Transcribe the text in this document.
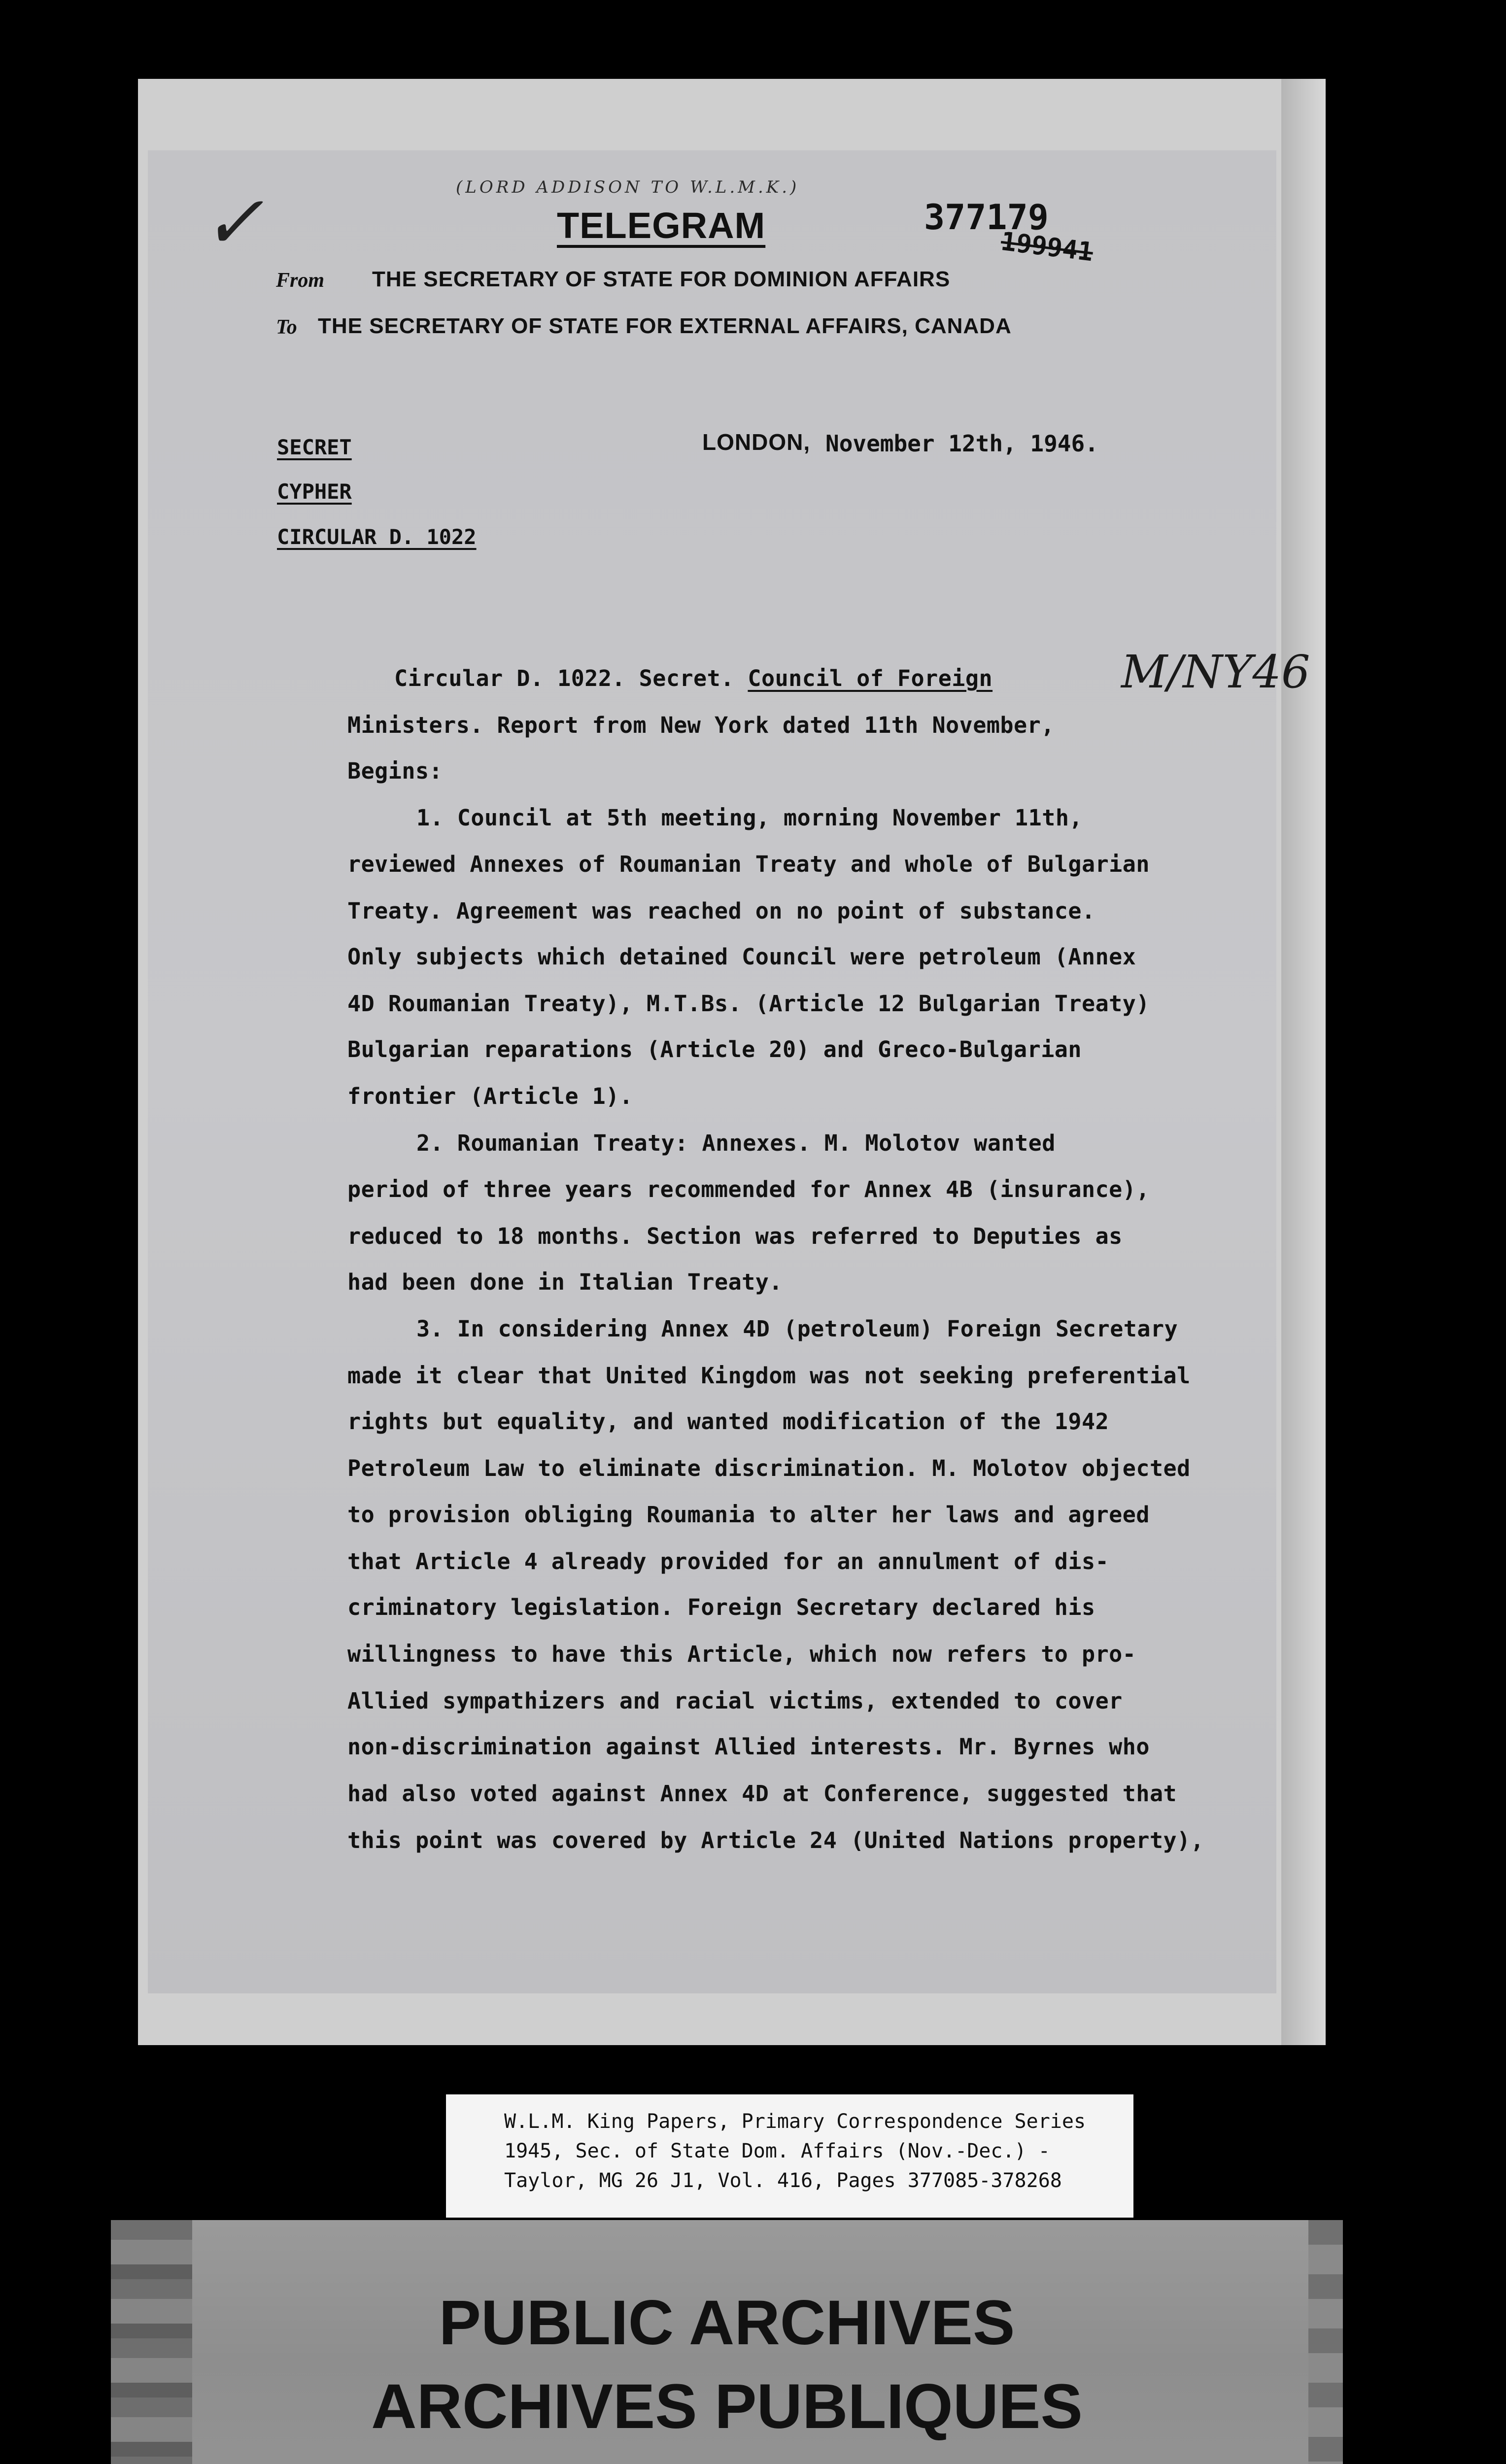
✓	(LORD ADDISON TO W.L.M.K.)
TELEGRAM	377179
199941
From THE SECRETARY OF STATE FOR DOMINION AFFAIRS
To THE SECRETARY OF STATE FOR EXTERNAL AFFAIRS, CANADA
SECRET
CYPHER
CIRCULAR D. 1022
LONDON, November 12th, 1946.
M/NY46
Circular D. 1022. Secret. Council of Foreign
Ministers. Report from New York dated 11th November,
Begins:
1. Council at 5th meeting, morning November 11th,
reviewed Annexes of Roumanian Treaty and whole of Bulgarian
Treaty. Agreement was reached on no point of substance.
Only subjects which detained Council were petroleum (Annex
4D Roumanian Treaty), M.T.Bs. (Article 12 Bulgarian Treaty)
Bulgarian reparations (Article 20) and Greco-Bulgarian
frontier (Article 1).
2. Roumanian Treaty: Annexes. M. Molotov wanted
period of three years recommended for Annex 4B (insurance),
reduced to 18 months. Section was referred to Deputies as
had been done in Italian Treaty.
3. In considering Annex 4D (petroleum) Foreign Secretary
made it clear that United Kingdom was not seeking preferential
rights but equality, and wanted modification of the 1942
Petroleum Law to eliminate discrimination. M. Molotov objected
to provision obliging Roumania to alter her laws and agreed
that Article 4 already provided for an annulment of dis-
criminatory legislation. Foreign Secretary declared his
willingness to have this Article, which now refers to pro-
Allied sympathizers and racial victims, extended to cover
non-discrimination against Allied interests. Mr. Byrnes who
had also voted against Annex 4D at Conference, suggested that
this point was covered by Article 24 (United Nations property),
W.L.M. King Papers, Primary Correspondence Series
1945, Sec. of State Dom. Affairs (Nov.-Dec.) -
Taylor, MG 26 J1, Vol. 416, Pages 377085-378268
PUBLIC ARCHIVES
ARCHIVES PUBLIQUES
